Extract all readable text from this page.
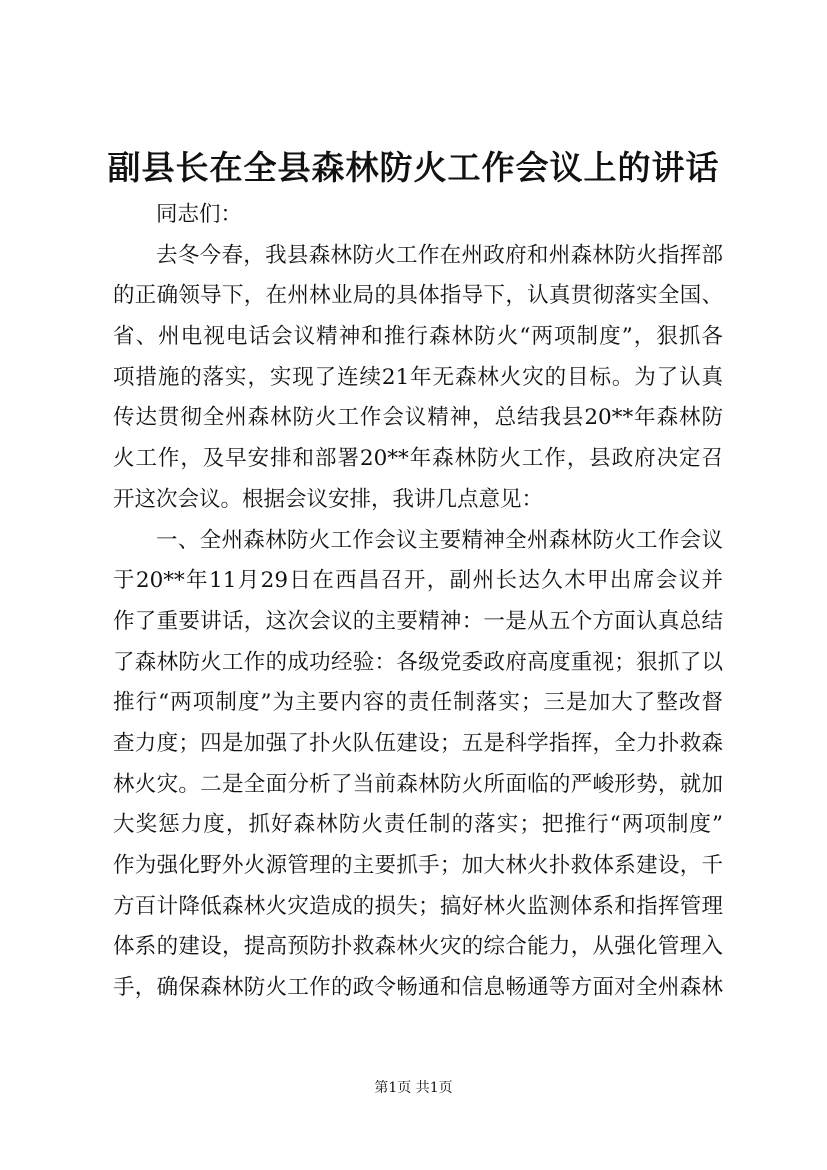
副县长在全县森林防火工作会议上的讲话
同志们：
去冬今春，我县森林防火工作在州政府和州森林防火指挥部
的正确领导下，在州林业局的具体指导下，认真贯彻落实全国、
省、州电视电话会议精神和推行森林防火“两项制度”，狠抓各
项措施的落实，实现了连续21年无森林火灾的目标。为了认真
传达贯彻全州森林防火工作会议精神，总结我县20**年森林防
火工作，及早安排和部署20**年森林防火工作，县政府决定召
开这次会议。根据会议安排，我讲几点意见：
一、全州森林防火工作会议主要精神全州森林防火工作会议
于20**年11月29日在西昌召开，副州长达久木甲出席会议并
作了重要讲话，这次会议的主要精神：一是从五个方面认真总结
了森林防火工作的成功经验：各级党委政府高度重视；狠抓了以
推行“两项制度”为主要内容的责任制落实；三是加大了整改督
查力度；四是加强了扑火队伍建设；五是科学指挥，全力扑救森
林火灾。二是全面分析了当前森林防火所面临的严峻形势，就加
大奖惩力度，抓好森林防火责任制的落实；把推行“两项制度”
作为强化野外火源管理的主要抓手；加大林火扑救体系建设，千
方百计降低森林火灾造成的损失；搞好林火监测体系和指挥管理
体系的建设，提高预防扑救森林火灾的综合能力，从强化管理入
手，确保森林防火工作的政令畅通和信息畅通等方面对全州森林
第1页 共1页
